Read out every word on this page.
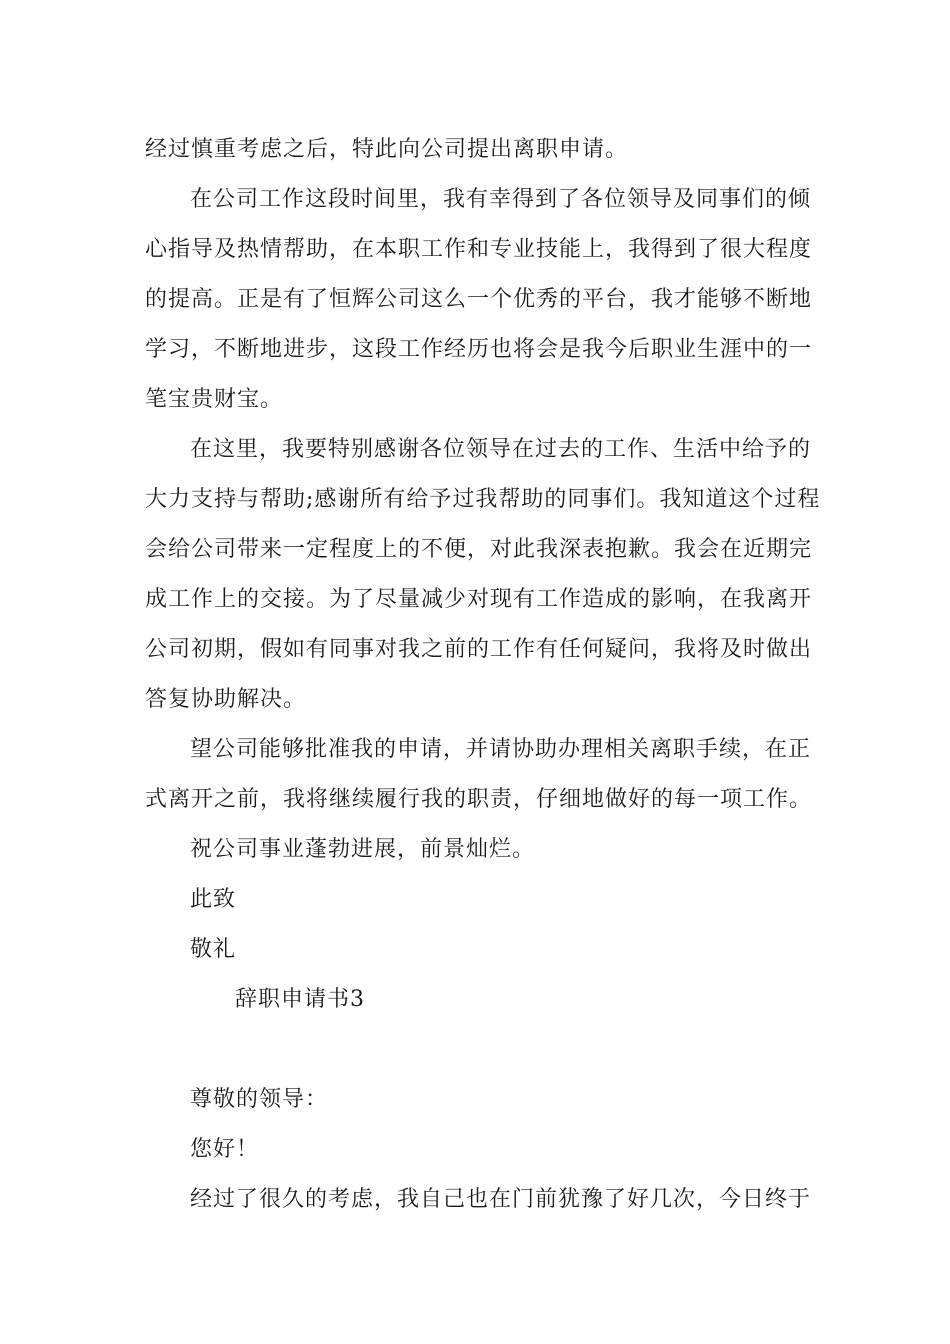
经过慎重考虑之后，特此向公司提出离职申请。
在公司工作这段时间里，我有幸得到了各位领导及同事们的倾
心指导及热情帮助，在本职工作和专业技能上，我得到了很大程度
的提高。正是有了恒辉公司这么一个优秀的平台，我才能够不断地
学习，不断地进步，这段工作经历也将会是我今后职业生涯中的一
笔宝贵财宝。
在这里，我要特别感谢各位领导在过去的工作、生活中给予的
大力支持与帮助;感谢所有给予过我帮助的同事们。我知道这个过程
会给公司带来一定程度上的不便，对此我深表抱歉。我会在近期完
成工作上的交接。为了尽量减少对现有工作造成的影响，在我离开
公司初期，假如有同事对我之前的工作有任何疑问，我将及时做出
答复协助解决。
望公司能够批准我的申请，并请协助办理相关离职手续，在正
式离开之前，我将继续履行我的职责，仔细地做好的每一项工作。
祝公司事业蓬勃进展，前景灿烂。
此致
敬礼
辞职申请书3
尊敬的领导：
您好！
经过了很久的考虑，我自己也在门前犹豫了好几次，今日终于
